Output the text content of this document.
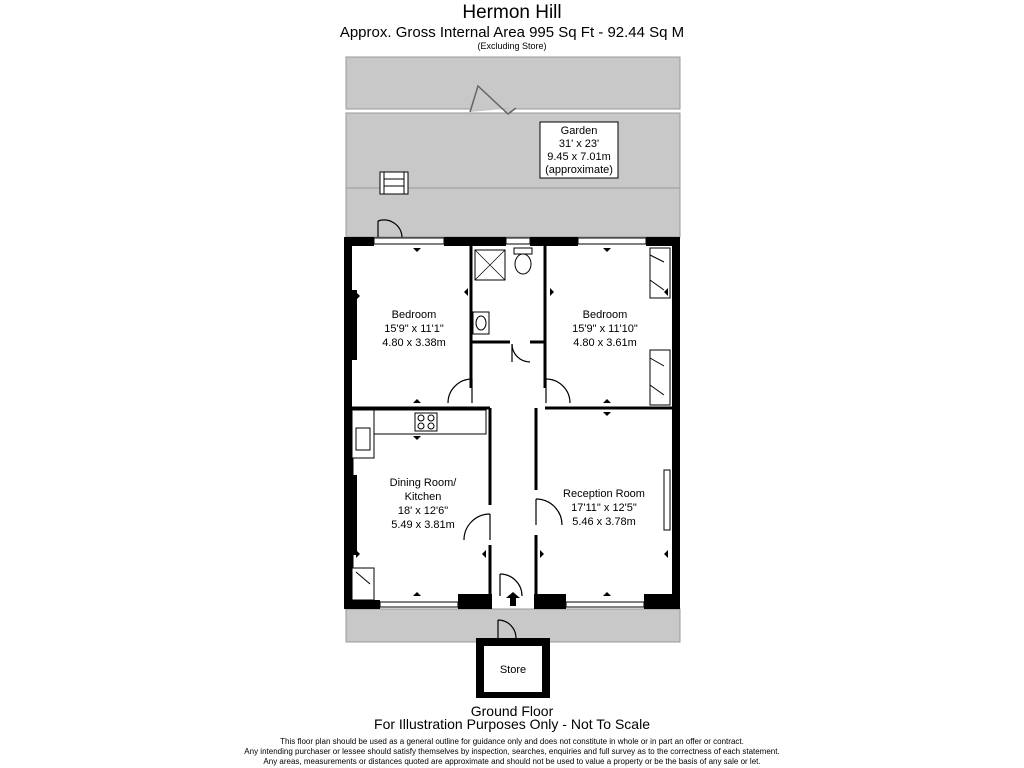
Hermon Hill
Approx. Gross Internal Area 995 Sq Ft - 92.44 Sq M
(Excluding Store)
Garden
31' x 23'
9.45 x 7.01m
(approximate)
Store
Bedroom
15'9" x 11'1"
4.80 x 3.38m
Bedroom
15'9" x 11'10"
4.80 x 3.61m
Dining Room/
Kitchen
18' x 12'6"
5.49 x 3.81m
Reception Room
17'11" x 12'5"
5.46 x 3.78m
Ground Floor
For Illustration Purposes Only - Not To Scale
This floor plan should be used as a general outline for guidance only and does not constitute in whole or in part an offer or contract.
Any intending purchaser or lessee should satisfy themselves by inspection, searches, enquiries and full survey as to the correctness of each statement.
Any areas, measurements or distances quoted are approximate and should not be used to value a property or be the basis of any sale or let.
